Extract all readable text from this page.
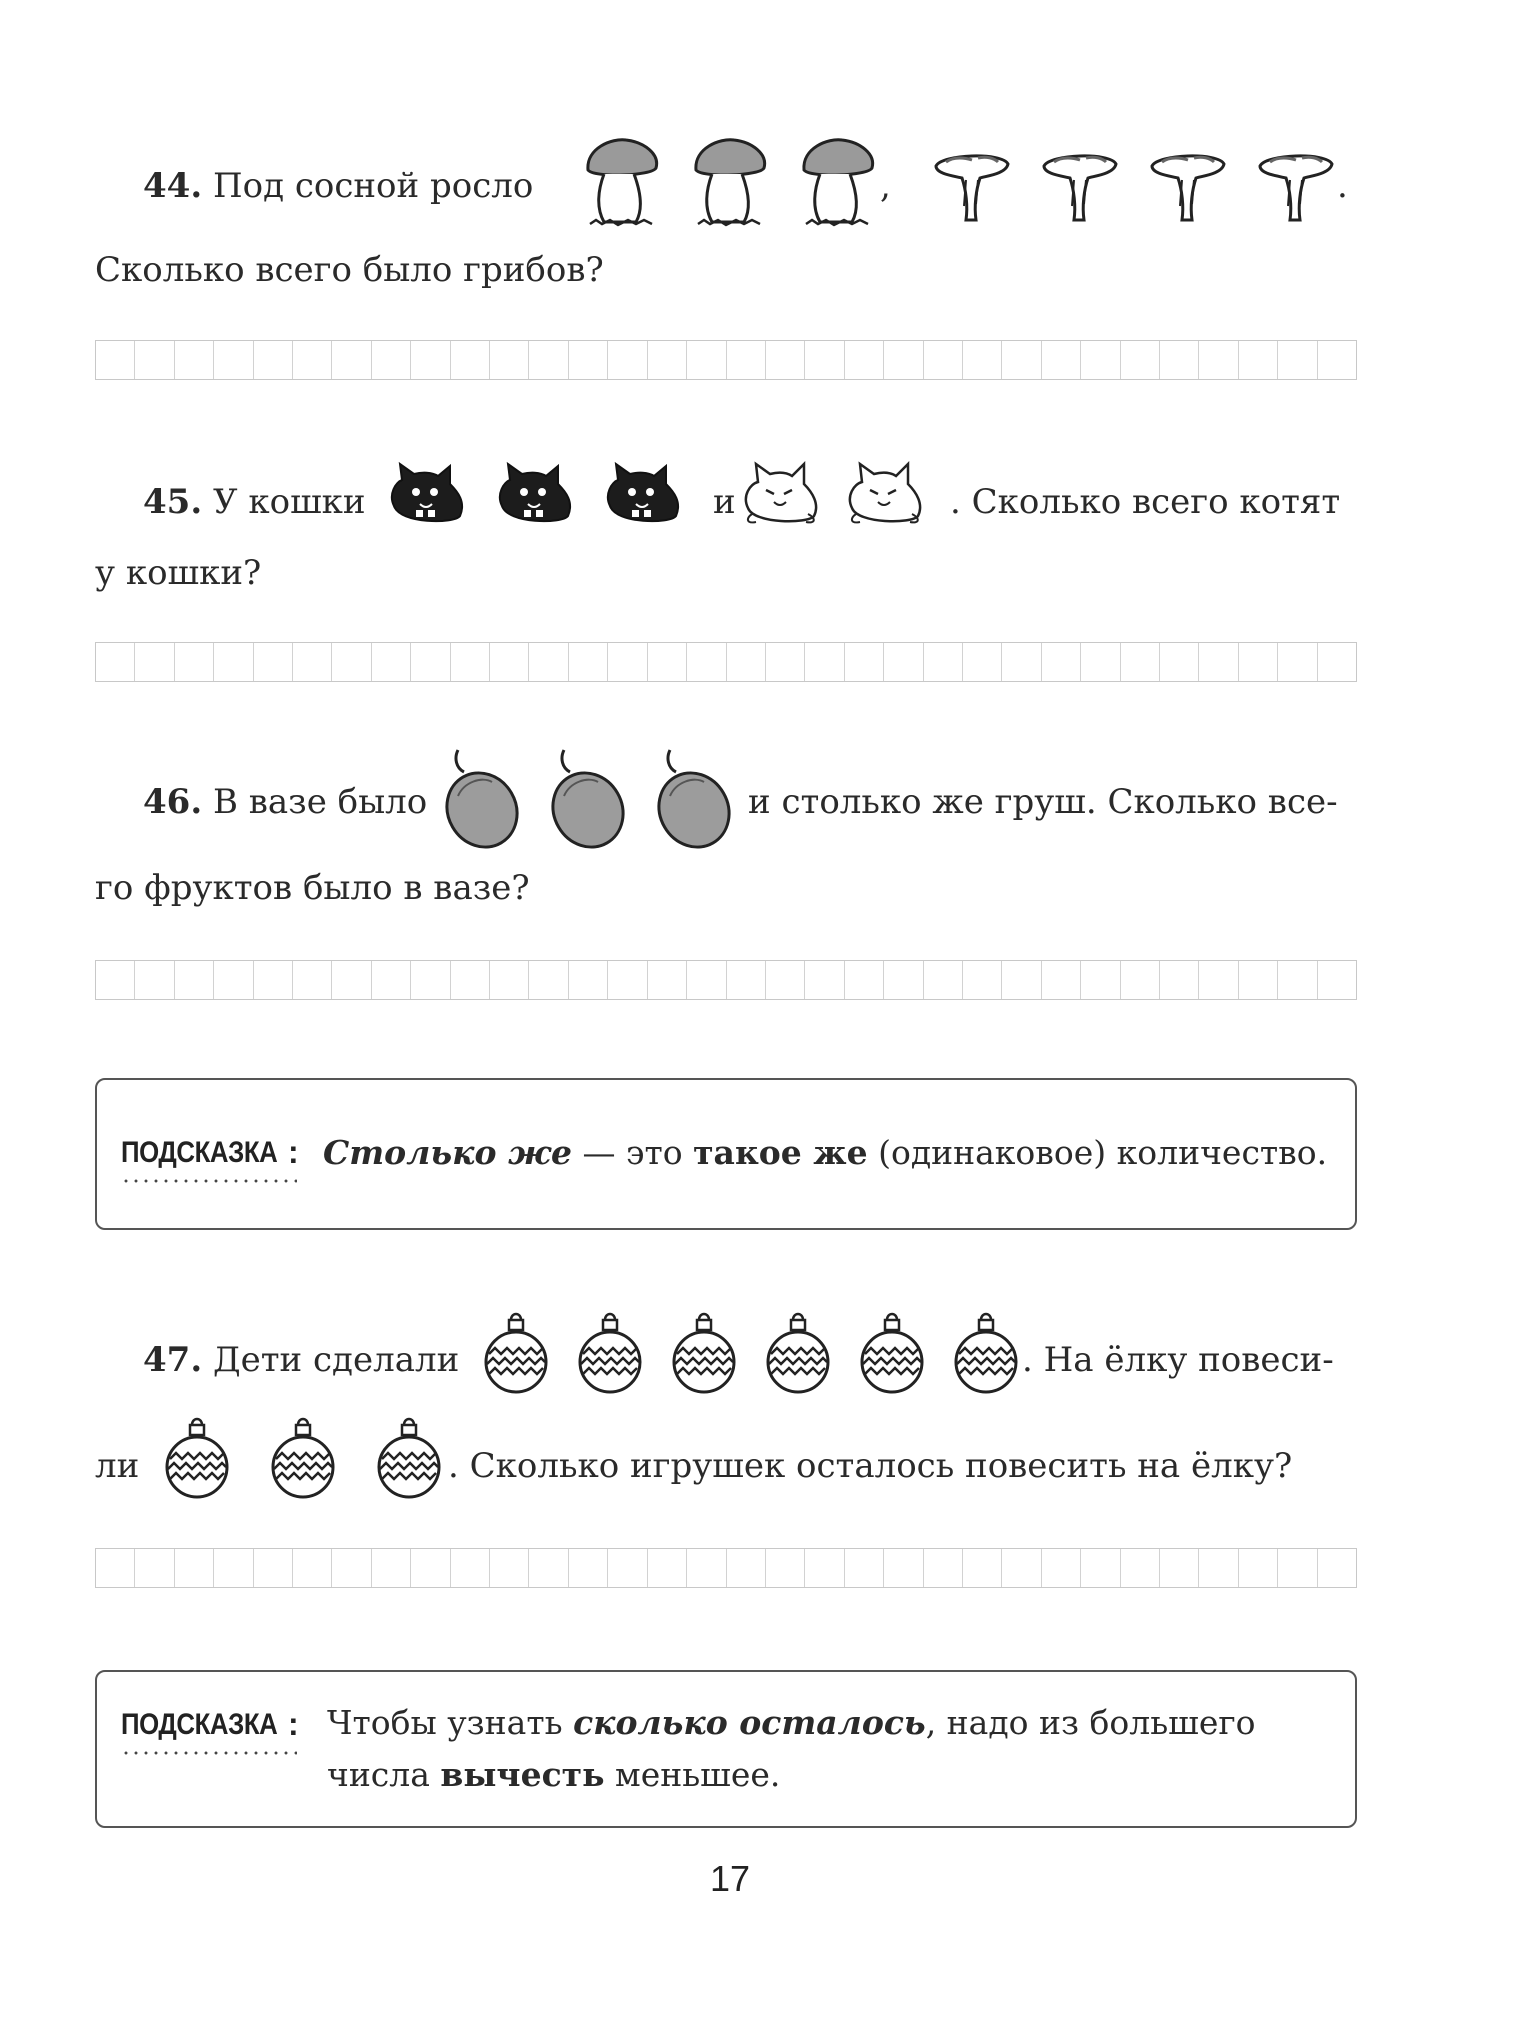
44. Под сосной росло	,	.
Сколько всего было грибов?
45. У кошки	и	. Сколько всего котят
у кошки?
46. В вазе было	и столько же груш. Сколько все-
го фруктов было в вазе?
ПОДСКАЗКА : Столько же — это такое же (одинаковое) количество.
47. Дети сделали	. На ёлку повеси-
ли	. Сколько игрушек осталось повесить на ёлку?
ПОДСКАЗКА : Чтобы узнать сколько осталось, надо из большего
числа вычесть меньшее.
17
